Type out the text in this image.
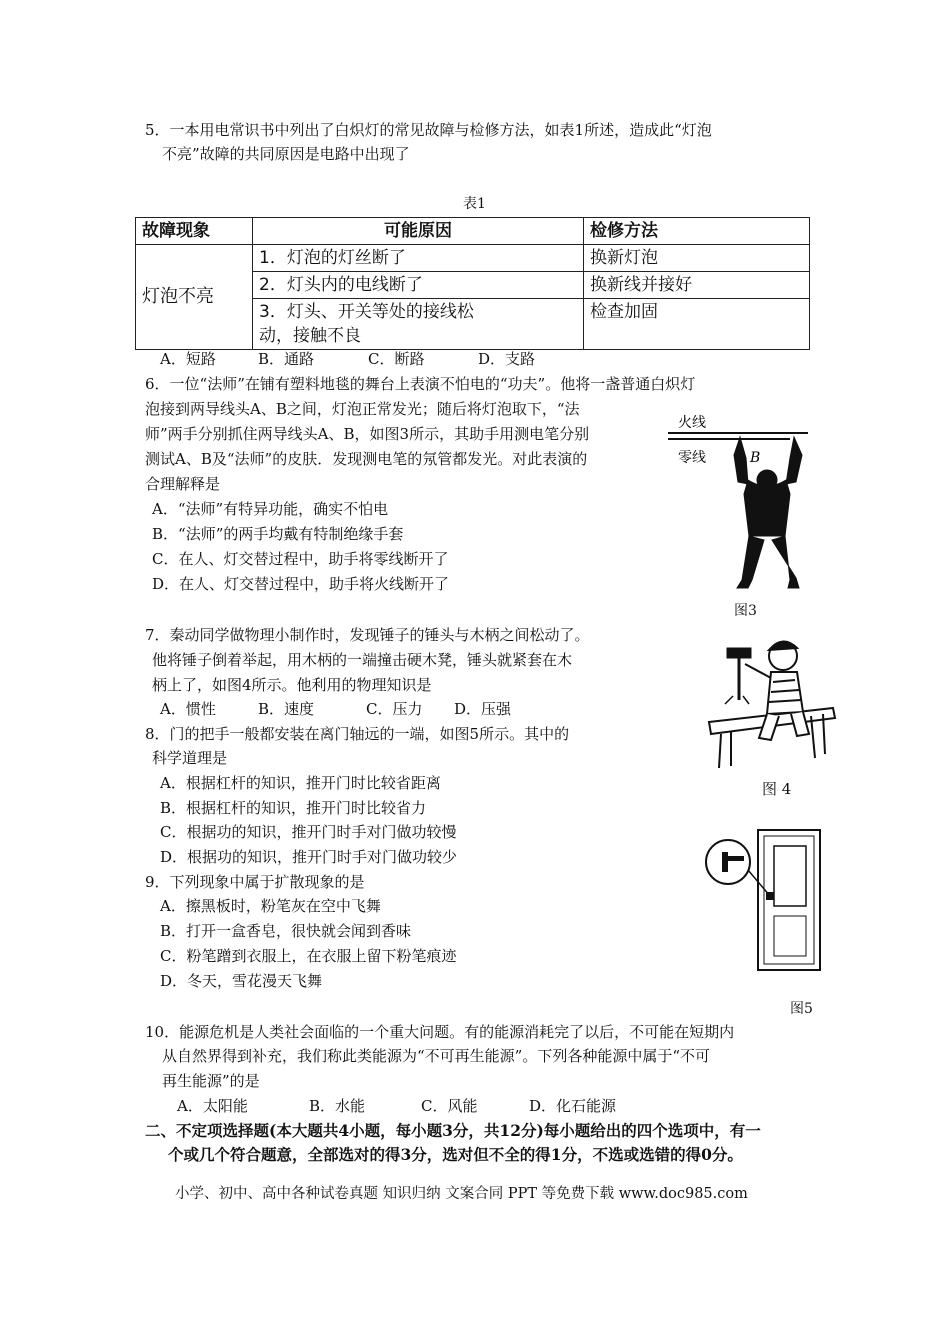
5．一本用电常识书中列出了白炽灯的常见故障与检修方法，如表1所述，造成此“灯泡
不亮”故障的共同原因是电路中出现了
表1
故障现象	可能原因	检修方法
灯泡不亮	1．灯泡的灯丝断了	换新灯泡
	2．灯头内的电线断了	换新线并接好

	3．灯头、开关等处的接线松
动，接触不良	检查加固
A．短路	B．通路	C．断路	D．支路
6．一位“法师”在铺有塑料地毯的舞台上表演不怕电的“功夫”。他将一盏普通白炽灯
泡接到两导线头A、B之间，灯泡正常发光；随后将灯泡取下，“法
师”两手分别抓住两导线头A、B，如图3所示，其助手用测电笔分别
测试A、B及“法师”的皮肤．发现测电笔的氖管都发光。对此表演的
合理解释是
A．“法师”有特异功能，确实不怕电
B．“法师”的两手均戴有特制绝缘手套
C．在人、灯交替过程中，助手将零线断开了
D．在人、灯交替过程中，助手将火线断开了
火线
零线	B
图3
7．秦动同学做物理小制作时，发现锤子的锤头与木柄之间松动了。
他将锤子倒着举起，用木柄的一端撞击硬木凳，锤头就紧套在木
柄上了，如图4所示。他利用的物理知识是
A．惯性	B．速度	C．压力 D．压强
图 4
8．门的把手一般都安装在离门轴远的一端，如图5所示。其中的
科学道理是
A．根据杠杆的知识，推开门时比较省距离
B．根据杠杆的知识，推开门时比较省力
C．根据功的知识，推开门时手对门做功较慢
D．根据功的知识，推开门时手对门做功较少
9．下列现象中属于扩散现象的是
A．擦黑板时，粉笔灰在空中飞舞
B．打开一盒香皂，很快就会闻到香味
C．粉笔蹭到衣服上，在衣服上留下粉笔痕迹
D．冬天，雪花漫天飞舞
图5
10．能源危机是人类社会面临的一个重大问题。有的能源消耗完了以后，不可能在短期内
从自然界得到补充，我们称此类能源为“不可再生能源”。下列各种能源中属于“不可
再生能源”的是
A．太阳能	B．水能	C．风能	D．化石能源
二、不定项选择题(本大题共4小题，每小题3分，共12分)每小题给出的四个选项中，有一
个或几个符合题意，全部选对的得3分，选对但不全的得1分，不选或选错的得0分。
小学、初中、高中各种试卷真题 知识归纳 文案合同 PPT 等免费下载 www.doc985.com
